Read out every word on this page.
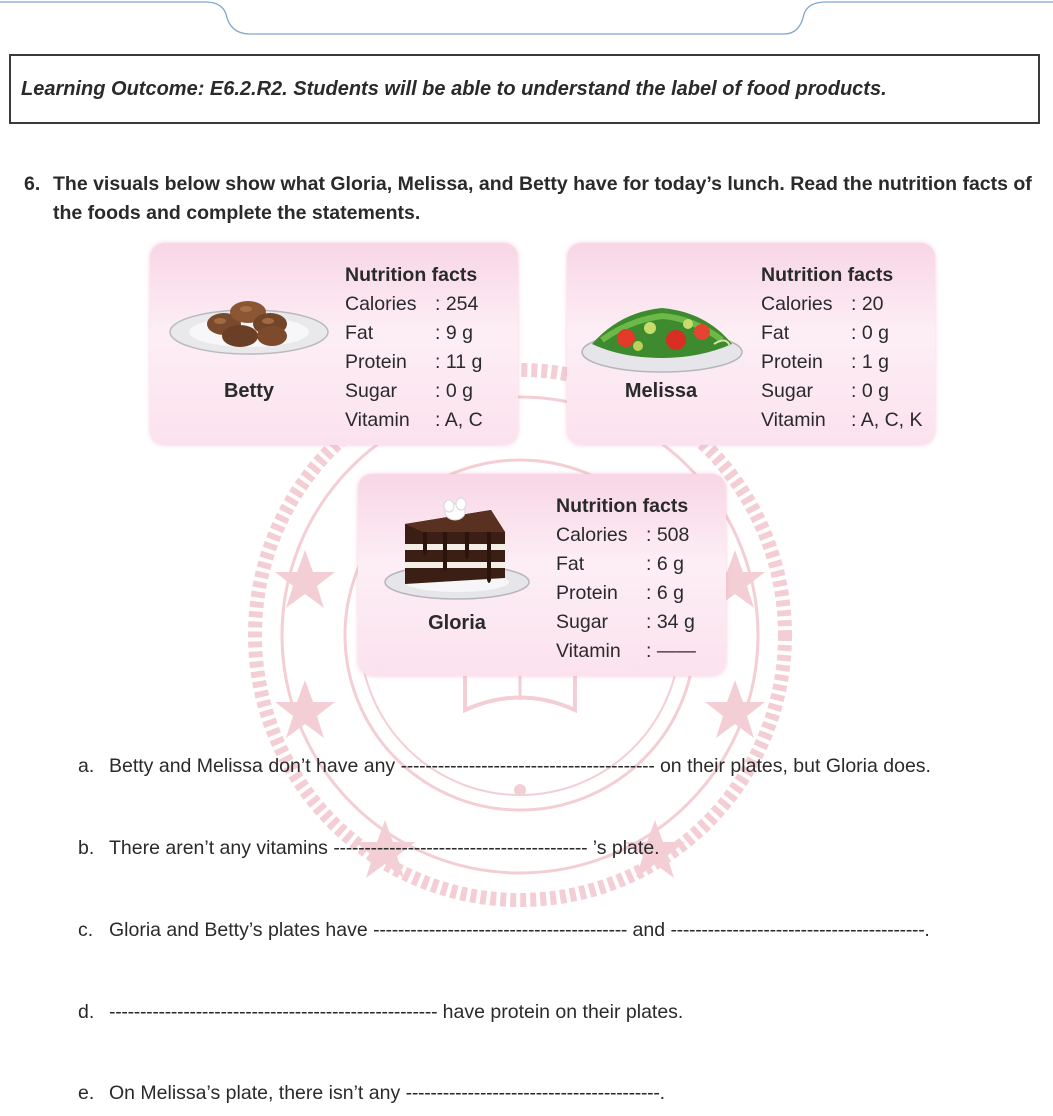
Learning Outcome: E6.2.R2. Students will be able to understand the label of food products.
6. The visuals below show what Gloria, Melissa, and Betty have for today’s lunch. Read the nutrition facts of the foods and complete the statements.
Betty
Nutrition facts
Calories : 254
Fat	: 9 g
Protein : 11 g
Sugar : 0 g
Vitamin : A, C
Melissa
Nutrition facts
Calories : 20
Fat	: 0 g
Protein : 1 g
Sugar : 0 g
Vitamin : A, C, K
Gloria
Nutrition facts
Calories : 508
Fat	: 6 g
Protein : 6 g
Sugar : 34 g
Vitamin : ——
a. Betty and Melissa don’t have any ----------------------------------------- on their plates, but Gloria does.
b. There aren’t any vitamins ----------------------------------------- ’s plate.
c. Gloria and Betty’s plates have ----------------------------------------- and -----------------------------------------.
d. ----------------------------------------------------- have protein on their plates.
e. On Melissa’s plate, there isn’t any -----------------------------------------.
